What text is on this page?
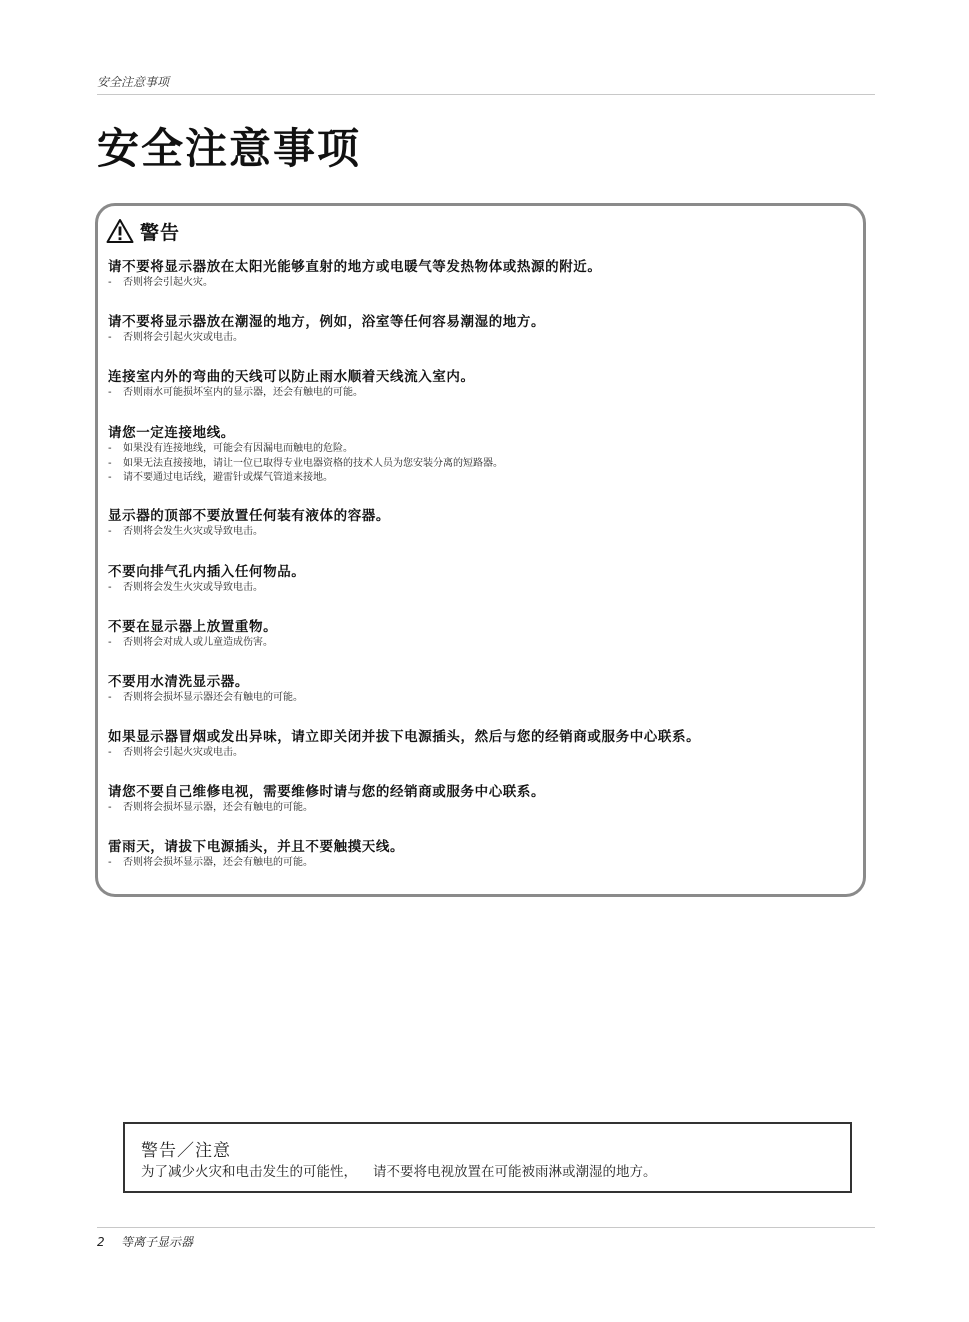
安全注意事项
安全注意事项
警告
请不要将显示器放在太阳光能够直射的地方或电暖气等发热物体或热源的附近。
- 否则将会引起火灾。
请不要将显示器放在潮湿的地方，例如，浴室等任何容易潮湿的地方。
- 否则将会引起火灾或电击。
连接室内外的弯曲的天线可以防止雨水顺着天线流入室内。
- 否则雨水可能损坏室内的显示器，还会有触电的可能。
请您一定连接地线。
- 如果没有连接地线，可能会有因漏电而触电的危险。
- 如果无法直接接地，请让一位已取得专业电器资格的技术人员为您安装分离的短路器。
- 请不要通过电话线，避雷针或煤气管道来接地。
显示器的顶部不要放置任何装有液体的容器。
- 否则将会发生火灾或导致电击。
不要向排气孔内插入任何物品。
- 否则将会发生火灾或导致电击。
不要在显示器上放置重物。
- 否则将会对成人或儿童造成伤害。
不要用水清洗显示器。
- 否则将会损坏显示器还会有触电的可能。
如果显示器冒烟或发出异味，请立即关闭并拔下电源插头，然后与您的经销商或服务中心联系。
- 否则将会引起火灾或电击。
请您不要自己维修电视，需要维修时请与您的经销商或服务中心联系。
- 否则将会损坏显示器，还会有触电的可能。
雷雨天，请拔下电源插头，并且不要触摸天线。
- 否则将会损坏显示器，还会有触电的可能。
警告／注意
为了减少火灾和电击发生的可能性， 请不要将电视放置在可能被雨淋或潮湿的地方。
2 等离子显示器
